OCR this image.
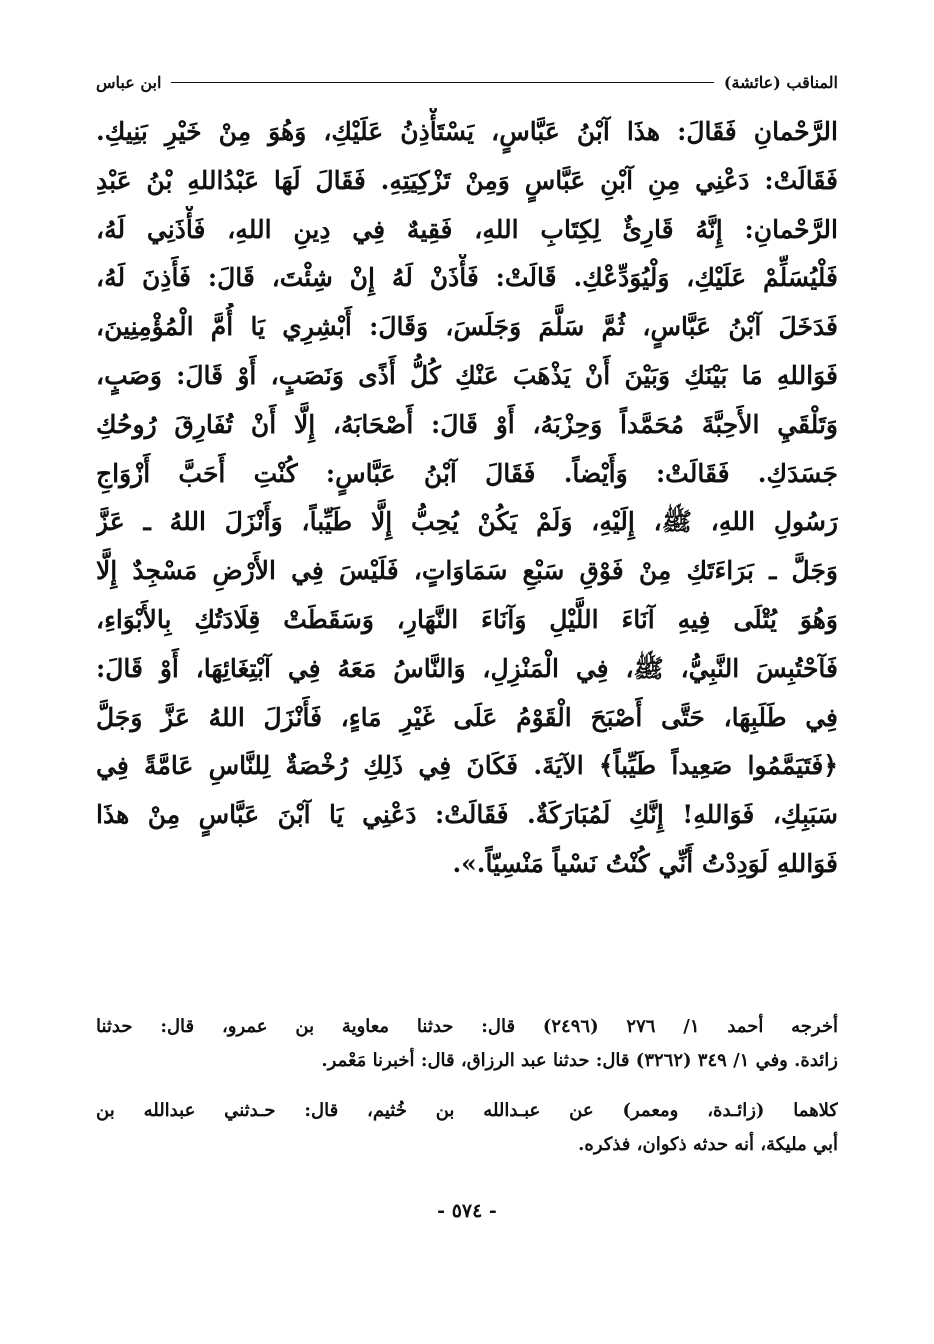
المناقب (عائشة)
ابن عباس
الرَّحْمانِ فَقَالَ: هذَا آبْنُ عَبَّاسٍ، يَسْتَأْذِنُ عَلَيْكِ، وَهُوَ مِنْ خَيْرِ بَنِيكِ.
فَقَالَتْ: دَعْنِي مِنِ آبْنِ عَبَّاسٍ وَمِنْ تَزْكِيَتِهِ. فَقَالَ لَهَا عَبْدُاللهِ بْنُ عَبْدِ
الرَّحْمانِ: إِنَّهُ قَارِئٌ لِكِتَابِ اللهِ، فَقِيهٌ فِي دِينِ اللهِ، فَأْذَنِي لَهُ،
فَلْيُسَلِّمْ عَلَيْكِ، وَلْيُوَدِّعْكِ. قَالَتْ: فَأْذَنْ لَهُ إِنْ شِئْتَ، قَالَ: فَأَذِنَ لَهُ،
فَدَخَلَ آبْنُ عَبَّاسٍ، ثُمَّ سَلَّمَ وَجَلَسَ، وَقَالَ: أَبْشِرِي يَا أُمَّ الْمُؤْمِنِينَ،
فَوَاللهِ مَا بَيْنَكِ وَبَيْنَ أَنْ يَذْهَبَ عَنْكِ كُلُّ أَذًى وَنَصَبٍ، أَوْ قَالَ: وَصَبٍ،
وَتَلْقَيِ الأَحِبَّةَ مُحَمَّداً وَحِزْبَهُ، أَوْ قَالَ: أَصْحَابَهُ، إِلَّا أَنْ تُفَارِقَ رُوحُكِ
جَسَدَكِ. فَقَالَتْ: وَأَيْضاً. فَقَالَ آبْنُ عَبَّاسٍ: كُنْتِ أَحَبَّ أَزْوَاجِ
رَسُولِ اللهِ، ﷺ، إِلَيْهِ، وَلَمْ يَكُنْ يُحِبُّ إِلَّا طَيِّباً، وَأَنْزَلَ اللهُ ـ عَزَّ
وَجَلَّ ـ بَرَاءَتَكِ مِنْ فَوْقِ سَبْعِ سَمَاوَاتٍ، فَلَيْسَ فِي الأَرْضِ مَسْجِدٌ إِلَّا
وَهُوَ يُتْلَى فِيهِ آنَاءَ اللَّيْلِ وَآنَاءَ النَّهَارِ، وَسَقَطَتْ قِلَادَتُكِ بِالأَبْوَاءِ،
فَآحْتُبِسَ النَّبِيُّ، ﷺ، فِي الْمَنْزِلِ، وَالنَّاسُ مَعَهُ فِي آبْتِغَائِهَا، أَوْ قَالَ:
فِي طَلَبِهَا، حَتَّى أَصْبَحَ الْقَوْمُ عَلَى غَيْرِ مَاءٍ، فَأَنْزَلَ اللهُ عَزَّ وَجَلَّ
﴿فَتَيَمَّمُوا صَعِيداً طَيِّباً﴾ الآيَةَ. فَكَانَ فِي ذَلِكِ رُخْصَةٌ لِلنَّاسِ عَامَّةً فِي
سَبَبِكِ، فَوَاللهِ! إِنَّكِ لَمُبَارَكَةٌ. فَقَالَتْ: دَعْنِي يَا آبْنَ عَبَّاسٍ مِنْ هذَا
فَوَاللهِ لَوَدِدْتُ أَنِّي كُنْتُ نَسْياً مَنْسِيّاً.».
أخرجه أحمد ١/ ٢٧٦ (٢٤٩٦) قال: حدثنا معاوية بن عمرو، قال: حدثنا
زائدة. وفي ١/ ٣٤٩ (٣٢٦٢) قال: حدثنا عبد الرزاق، قال: أخبرنا مَعْمر.
كلاهما (زائـدة، ومعمر) عن عبـدالله بن خُثيم، قال: حـدثني عبدالله بن
أبي مليكة، أنه حدثه ذكوان، فذكره.
- ٥٧٤ -
